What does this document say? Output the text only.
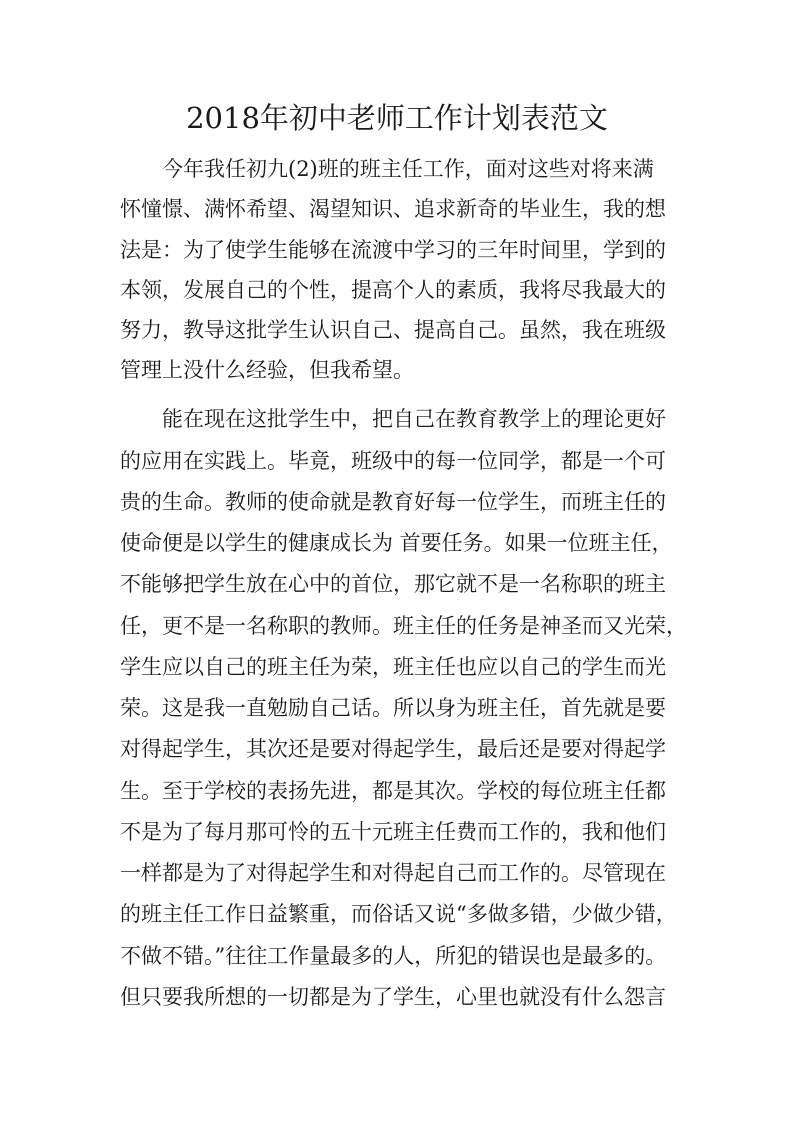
2018年初中老师工作计划表范文

今年我任初九(2)班的班主任工作，面对这些对将来满

怀憧憬、满怀希望、渴望知识、追求新奇的毕业生，我的想

法是：为了使学生能够在流渡中学习的三年时间里，学到的

本领，发展自己的个性，提高个人的素质，我将尽我最大的

努力，教导这批学生认识自己、提高自己。虽然，我在班级

管理上没什么经验，但我希望。

能在现在这批学生中，把自己在教育教学上的理论更好

的应用在实践上。毕竟，班级中的每一位同学，都是一个可

贵的生命。教师的使命就是教育好每一位学生，而班主任的

使命便是以学生的健康成长为 首要任务。如果一位班主任，

不能够把学生放在心中的首位，那它就不是一名称职的班主

任，更不是一名称职的教师。班主任的任务是神圣而又光荣，

学生应以自己的班主任为荣，班主任也应以自己的学生而光

荣。这是我一直勉励自己话。所以身为班主任，首先就是要

对得起学生，其次还是要对得起学生，最后还是要对得起学

生。至于学校的表扬先进，都是其次。学校的每位班主任都

不是为了每月那可怜的五十元班主任费而工作的，我和他们

一样都是为了对得起学生和对得起自己而工作的。尽管现在

的班主任工作日益繁重，而俗话又说“多做多错，少做少错，

不做不错。”往往工作量最多的人，所犯的错误也是最多的。

但只要我所想的一切都是为了学生，心里也就没有什么怨言
